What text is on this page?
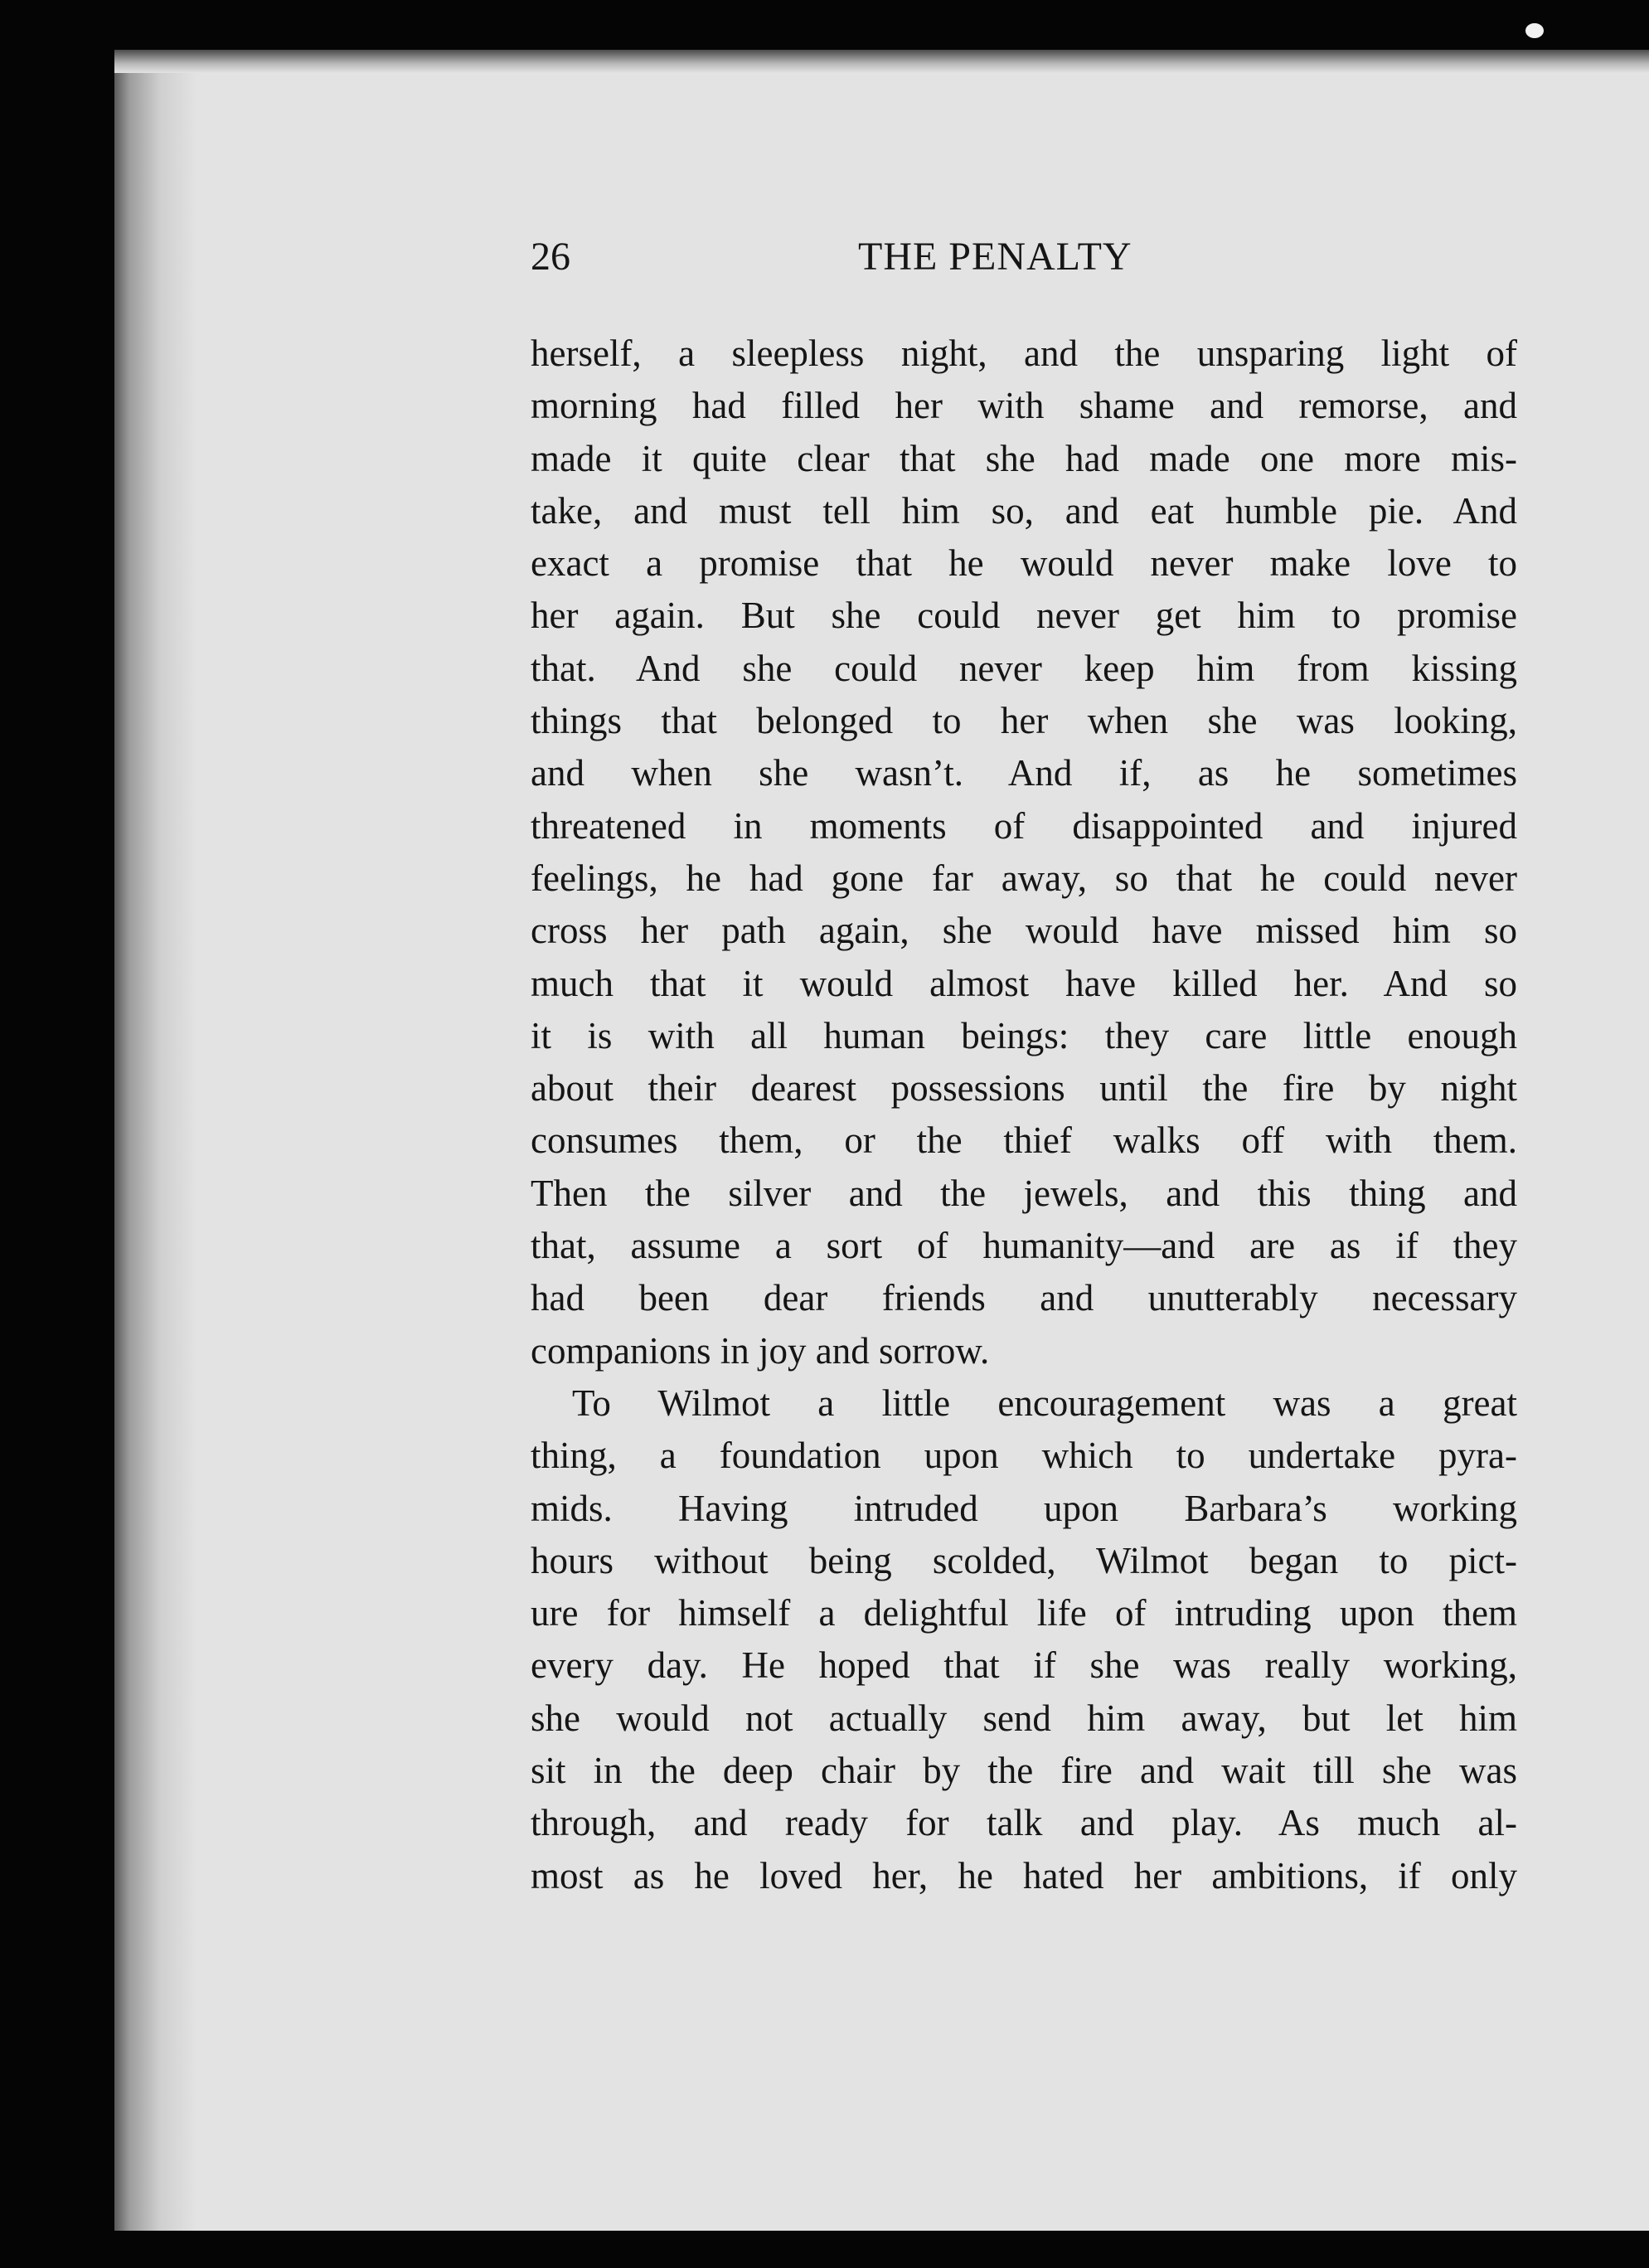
26	THE PENALTY
herself, a sleepless night, and the unsparing light of
morning had filled her with shame and remorse, and
made it quite clear that she had made one more mis-
take, and must tell him so, and eat humble pie. And
exact a promise that he would never make love to
her again. But she could never get him to promise
that. And she could never keep him from kissing
things that belonged to her when she was looking,
and when she wasn’t. And if, as he sometimes
threatened in moments of disappointed and injured
feelings, he had gone far away, so that he could never
cross her path again, she would have missed him so
much that it would almost have killed her. And so
it is with all human beings: they care little enough
about their dearest possessions until the fire by night
consumes them, or the thief walks off with them.
Then the silver and the jewels, and this thing and
that, assume a sort of humanity—and are as if they
had been dear friends and unutterably necessary
companions in joy and sorrow.
To Wilmot a little encouragement was a great
thing, a foundation upon which to undertake pyra-
mids. Having intruded upon Barbara’s working
hours without being scolded, Wilmot began to pict-
ure for himself a delightful life of intruding upon them
every day. He hoped that if she was really working,
she would not actually send him away, but let him
sit in the deep chair by the fire and wait till she was
through, and ready for talk and play. As much al-
most as he loved her, he hated her ambitions, if only
